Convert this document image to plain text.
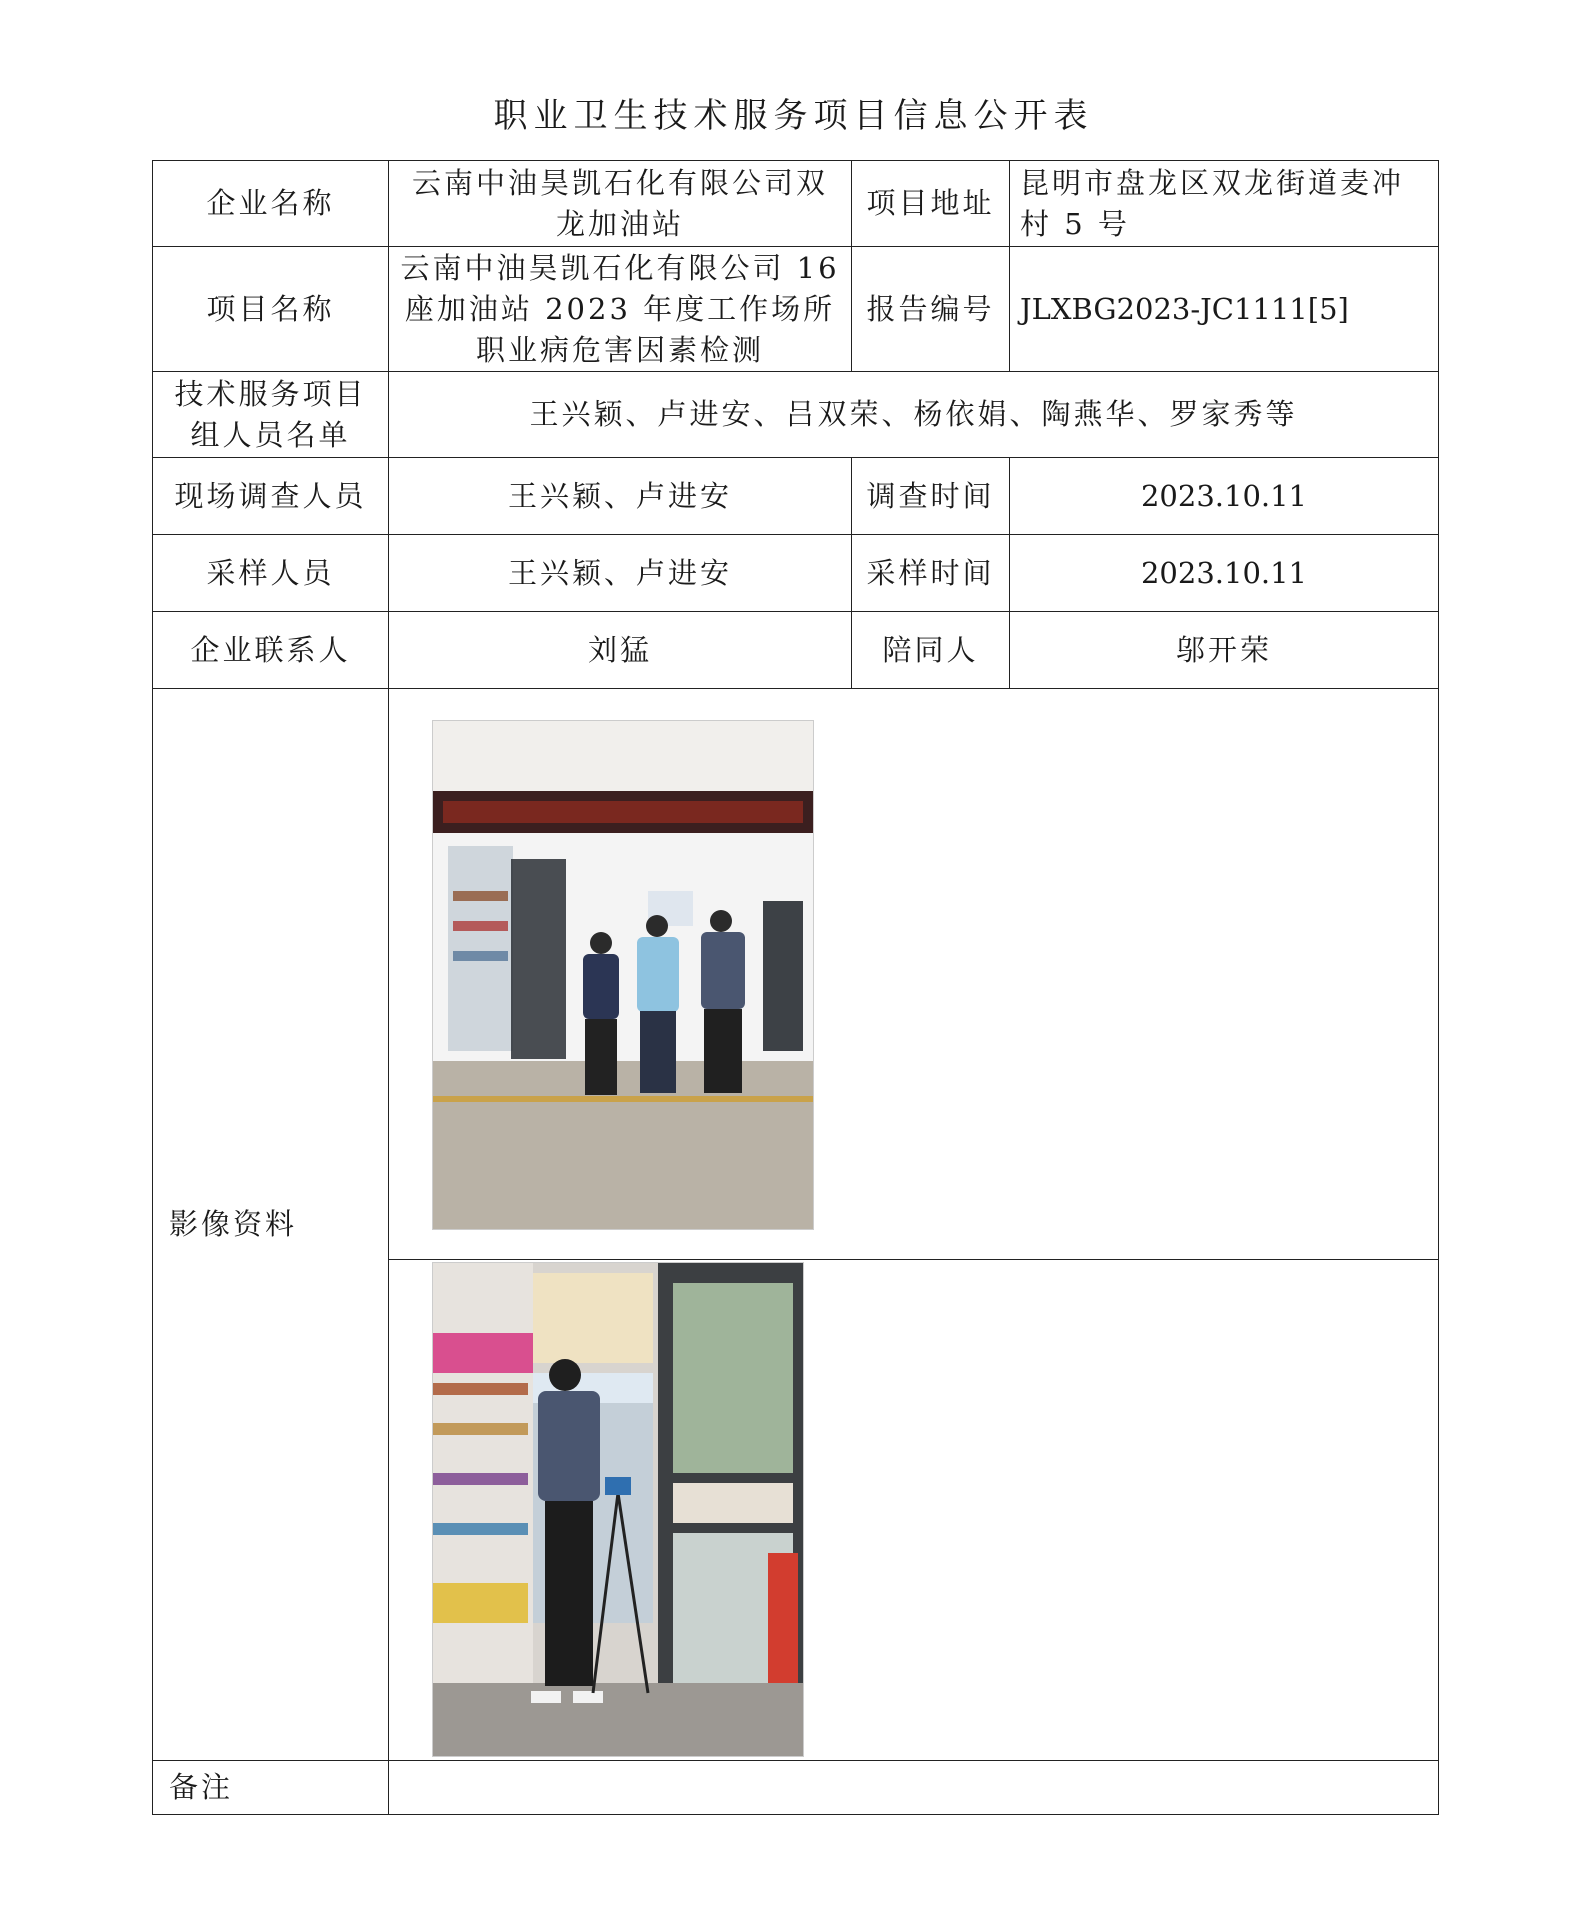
职业卫生技术服务项目信息公开表
企业名称	云南中油昊凯石化有限公司双龙加油站	项目地址	昆明市盘龙区双龙街道麦冲村 5 号
项目名称	云南中油昊凯石化有限公司 16 座加油站 2023 年度工作场所职业病危害因素检测	报告编号	JLXBG2023-JC1111[5]
技术服务项目组人员名单	王兴颖、卢进安、吕双荣、杨依娟、陶燕华、罗家秀等		
现场调查人员	王兴颖、卢进安	调查时间	2023.10.11
采样人员	王兴颖、卢进安	采样时间	2023.10.11
企业联系人	刘猛	陪同人	邬开荣
影像资料	

备注			
